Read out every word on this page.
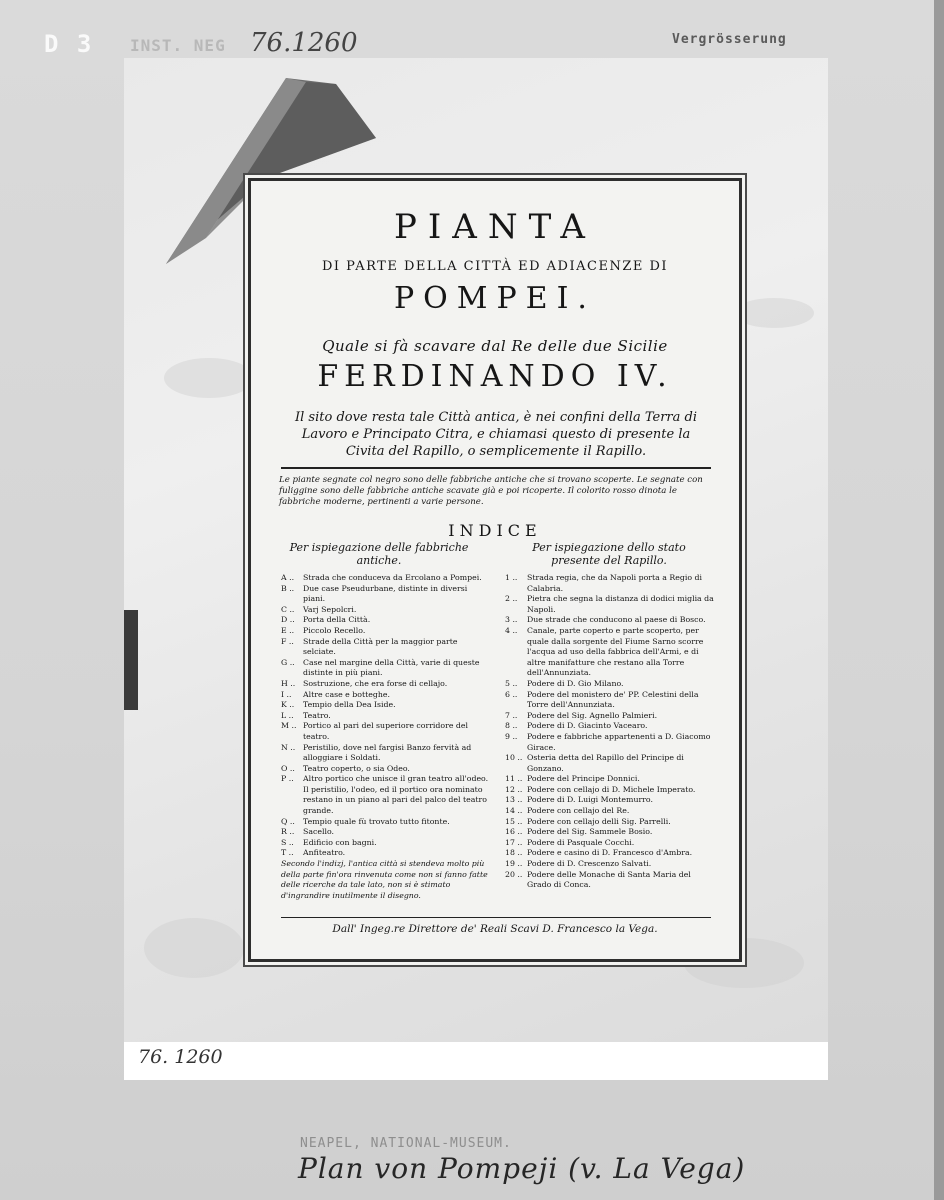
D 3 INST. NEG 76.1260	Vergrösserung
PIANTA
DI PARTE DELLA CITTÀ ED ADIACENZE DI
POMPEI.
Quale si fà scavare dal Re delle due Sicilie
FERDINANDO IV.
Il sito dove resta tale Città antica, è nei confini della Terra di Lavoro e Principato Citra, e chiamasi questo di presente la Civita del Rapillo, o semplicemente il Rapillo.
Le piante segnate col negro sono delle fabbriche antiche che si trovano scoperte. Le segnate con fuliggine sono delle fabbriche antiche scavate già e poi ricoperte. Il colorito rosso dinota le fabbriche moderne, pertinenti a varie persone.
INDICE
Per ispiegazione delle fabbriche antiche.
Per ispiegazione dello stato presente del Rapillo.
A ..	Strada che conduceva da Ercolano a Pompei.
B ..	Due case Pseudurbane, distinte in diversi piani.
C ..	Varj Sepolcri.
D ..	Porta della Città.
E ..	Piccolo Recello.
F ..	Strade della Città per la maggior parte selciate.
G ..	Case nel margine della Città, varie di queste distinte in più piani.
H .. Sostruzione, che era forse di cellajo.
I ..	Altre case e botteghe.
K ..	Tempio della Dea Iside.
L ..	Teatro.
M .. Portico al pari del superiore corridore del teatro.
N .. Peristilio, dove nel fargisi Banzo fervità ad alloggiare i Soldati.
O ..	Teatro coperto, o sia Odeo.
P ..	Altro portico che unisce il gran teatro all'odeo.
Il peristilio, l'odeo, ed il portico ora nominato restano in un piano al pari del palco del teatro grande.
Q ..	Tempio quale fù trovato tutto fitonte.
R ..	Sacello.
S ..	Edificio con bagni.
T ..	Anfiteatro.
Secondo l'indizj, l'antica città si stendeva molto più della parte fin'ora rinvenuta come non si fanno fatte delle ricerche da tale lato, non si è stimato d'ingrandire inutilmente il disegno.
1 ..	Strada regia, che da Napoli porta a Regio di Calabria.
2 ..	Pietra che segna la distanza di dodici miglia da Napoli.
3 ..	Due strade che conducono al paese di Bosco.
4 ..	Canale, parte coperto e parte scoperto, per quale dalla sorgente del Fiume Sarno scorre l'acqua ad uso della fabbrica dell'Armi, e di altre manifatture che restano alla Torre dell'Annunziata.
5 ..	Podere di D. Gio Milano.
6 ..	Podere del monistero de' PP. Celestini della Torre dell'Annunziata.
7 ..	Podere del Sig. Agnello Palmieri.
8 ..	Podere di D. Giacinto Vacearo.
9 ..	Podere e fabbriche appartenenti a D. Giacomo Girace.
10 .. Osteria detta del Rapillo del Principe di Gonzano.
11 .. Podere del Principe Donnici.
12 .. Podere con cellajo di D. Michele Imperato.
13 .. Podere di D. Luigi Montemurro.
14 .. Podere con cellajo del Re.
15 .. Podere con cellajo delli Sig. Parrelli.
16 .. Podere del Sig. Sammele Bosio.
17 .. Podere di Pasquale Cocchi.
18 .. Podere e casino di D. Francesco d'Ambra.
19 .. Podere di D. Crescenzo Salvati.
20 .. Podere delle Monache di Santa Maria del Grado di Conca.
Dall' Ingeg.re Direttore de' Reali Scavi D. Francesco la Vega.
76. 1260
NEAPEL, NATIONAL-MUSEUM.
Plan von Pompeji (v. La Vega)
